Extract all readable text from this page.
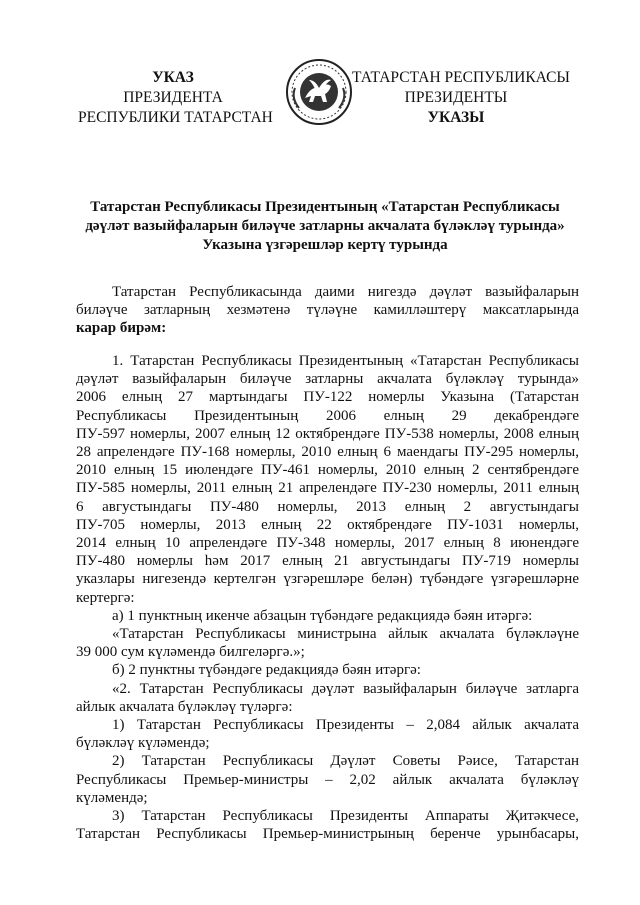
УКАЗ
ПРЕЗИДЕНТА
РЕСПУБЛИКИ ТАТАРСТАН
ТАТАРСТАН РЕСПУБЛИКАСЫ
ПРЕЗИДЕНТЫ
УКАЗЫ
Татарстан Республикасы Президентының «Татарстан Республикасы
дәүләт вазыйфаларын биләүче затларны акчалата бүләкләү турында»
Указына үзгәрешләр кертү турында
Татарстан Республикасында даими нигездә дәүләт вазыйфаларын
биләүче затларның хезмәтенә түләүне камилләштерү максатларында
карар бирәм:
1. Татарстан Республикасы Президентының «Татарстан Республикасы
дәүләт вазыйфаларын биләүче затларны акчалата бүләкләү турында»
2006 елның 27 мартындагы ПУ-122 номерлы Указына (Татарстан
Республикасы Президентының 2006 елның 29 декабрендәге
ПУ-597 номерлы, 2007 елның 12 октябрендәге ПУ-538 номерлы, 2008 елның
28 апрелендәге ПУ-168 номерлы, 2010 елның 6 маендагы ПУ-295 номерлы,
2010 елның 15 июлендәге ПУ-461 номерлы, 2010 елның 2 сентябрендәге
ПУ-585 номерлы, 2011 елның 21 апрелендәге ПУ-230 номерлы, 2011 елның
6 августындагы ПУ-480 номерлы, 2013 елның 2 августындагы
ПУ-705 номерлы, 2013 елның 22 октябрендәге ПУ-1031 номерлы,
2014 елның 10 апрелендәге ПУ-348 номерлы, 2017 елның 8 июнендәге
ПУ-480 номерлы һәм 2017 елның 21 августындагы ПУ-719 номерлы
указлары нигезендә кертелгән үзгәрешләре белән) түбәндәге үзгәрешләрне
кертергә:
а) 1 пунктның икенче абзацын түбәндәге редакциядә бәян итәргә:
«Татарстан Республикасы министрына айлык акчалата бүләкләүне
39 000 сум күләмендә билгеләргә.»;
б) 2 пунктны түбәндәге редакциядә бәян итәргә:
«2. Татарстан Республикасы дәүләт вазыйфаларын биләүче затларга
айлык акчалата бүләкләү түләргә:
1) Татарстан Республикасы Президенты – 2,084 айлык акчалата
бүләкләү күләмендә;
2) Татарстан Республикасы Дәүләт Советы Рәисе, Татарстан
Республикасы Премьер-министры – 2,02 айлык акчалата бүләкләү
күләмендә;
3) Татарстан Республикасы Президенты Аппараты Җитәкчесе,
Татарстан Республикасы Премьер-министрының беренче урынбасары,
